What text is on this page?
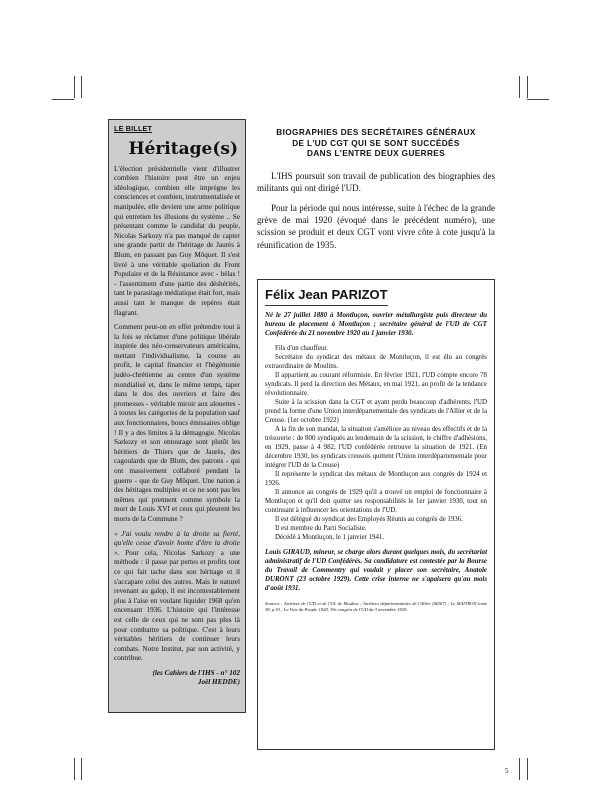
LE BILLET

Héritage(s)

L'élection présidentielle vient d'illustrer combien l'histoire peut être un enjeu idéologique, combien elle imprègne les consciences et combien, instrumentalisée et manipulée, elle devient une arme politique qui entretien les illusions du système .. Se présentant comme le candidat du peuple, Nicolas Sarkozy n'a pas manqué de capter une grande partir de l'héritage de Jaurès à Blum, en passant pas Guy Môquet. Il s'est livré à une véritable spoliation du Front Populaire et de la Résistance avec - hélas ! - l'assentiment d'une partie des déshérités, tant le parasitage médiatique était fort, mais aussi tant le manque de repères était flagrant.

Comment peut-on en effet prétendre tout à la fois se réclamer d'une politique libérale inspirée des néo-conservateurs américains, mettant l'individualisme, la course au profit, le capital financier et l'hégémonie judéo-chrétienne au centre d'un système mondialisé et, dans le même temps, taper dans le dos des ouvriers et faire des promesses - véritable miroir aux alouettes - à toutes les catégories de la population sauf aux fonctionnaires, boucs émissaires oblige ! Il y a des limites à la démagogie. Nicolas Sarkozy et son entourage sont plutôt les héritiers de Thiers que de Jaurès, des cagoulards que de Blum, des patrons - qui ont massivement collaboré pendant la guerre - que de Guy Môquet. Une nation a des héritages multiples et ce ne sont pas les mêmes qui prennent comme symbole la mort de Louis XVI et ceux qui pleurent les morts de la Commune ?

« J'ai voulu rendre à la droite sa fierté, qu'elle cesse d'avoir honte d'être la droite ». Pour cela, Nicolas Sarkozy a une méthode : il passe par pertes et profits tout ce qui fait tache dans son héritage et il s'accapare celui des autres. Mais le naturel revenant au galop, il est incontestablement plus à l'aise en voulant liquider 1968 qu'en encensant 1936. L'histoire qui l'intéresse est celle de ceux qui ne sont pas plus là pour combattre sa politique. C'est à leurs véritables héritiers de continuer leurs combats. Notre Institut, par son activité, y contribue.

(les Cahiers de l'IHS - n° 102

Joël HEDDE)

BIOGRAPHIES DES SECRÉTAIRES GÉNÉRAUX
DE L'UD CGT QUI SE SONT SUCCÉDÉS
DANS L'ENTRE DEUX GUERRES

L'IHS poursuit son travail de publication des biographies des militants qui ont dirigé l'UD.

Pour la période qui nous intéresse, suite à l'échec de la grande grève de mai 1920 (évoqué dans le précédent numéro), une scission se produit et deux CGT vont vivre côte à cote jusqu'à la réunification de 1935.

Félix Jean PARIZOT

Né le 27 juillet 1880 à Montluçon, ouvrier métallurgiste puis directeur du bureau de placement à Montluçon ; secrétaire général de l'UD de CGT Confédérée du 21 novembre 1920 au 1 janvier 1930.

Fils d'un chauffeur.

Secrétaire du syndicat des métaux de Montluçon, il est élu au congrès extraordinaire de Moulins.

Il appartient au courant réformiste. En février 1921, l'UD compte encore 78 syndicats. Il perd la direction des Métaux, en mai 1921, au profit de la tendance révolutionnaire.

Suite à la scission dans la CGT et ayant perdu beaucoup d'adhérents, l'UD prend la forme d'une Union interdépartementale des syndicats de l'Allier et de la Creuse. (1er octobre 1922)

A la fin de son mandat, la situation s'améliore au niveau des effectifs et de la trésorerie : de 800 syndiqués au lendemain de la scission, le chiffre d'adhésions, en 1929, passe à 4 982, l'UD confédérée retrouve la situation de 1921. (En décembre 1930, les syndicats creusois quittent l'Union interdépartementale pour intégrer l'UD de la Creuse)

Il représente le syndicat des métaux de Montluçon aux congrès de 1924 et 1926.

Il annonce au congrès de 1929 qu'il a trouvé un emploi de fonctionnaire à Montluçon et qu'il doit quitter ses responsabilités le 1er janvier 1930, tout en continuant à influencer les orientations de l'UD.

Il est délégué du syndicat des Employés Réunis au congrès de 1936.

Il est membre du Parti Socialiste.

Décédé à Montluçon, le 1 janvier 1941.

Louis GIRAUD, mineur, se charge alors durant quelques mois, du secrétariat administratif de l'UD Confédérés. Sa candidature est contestée par la Bourse du Travail de Commentry qui voulait y placer son secrétaire, Anatole DURONT (23 octobre 1929). Cette crise interne ne s'apaisera qu'au mois d'août 1931.

Sources : Archives de l'UD et de l'UL de Moulins ; Archives départementales de l'Allier (M267) ; Le MAITRON tome 38, p.53 ; La Voix du Peuple 1928, 19e congrès de l'UD du 3 novembre 1929.

5
